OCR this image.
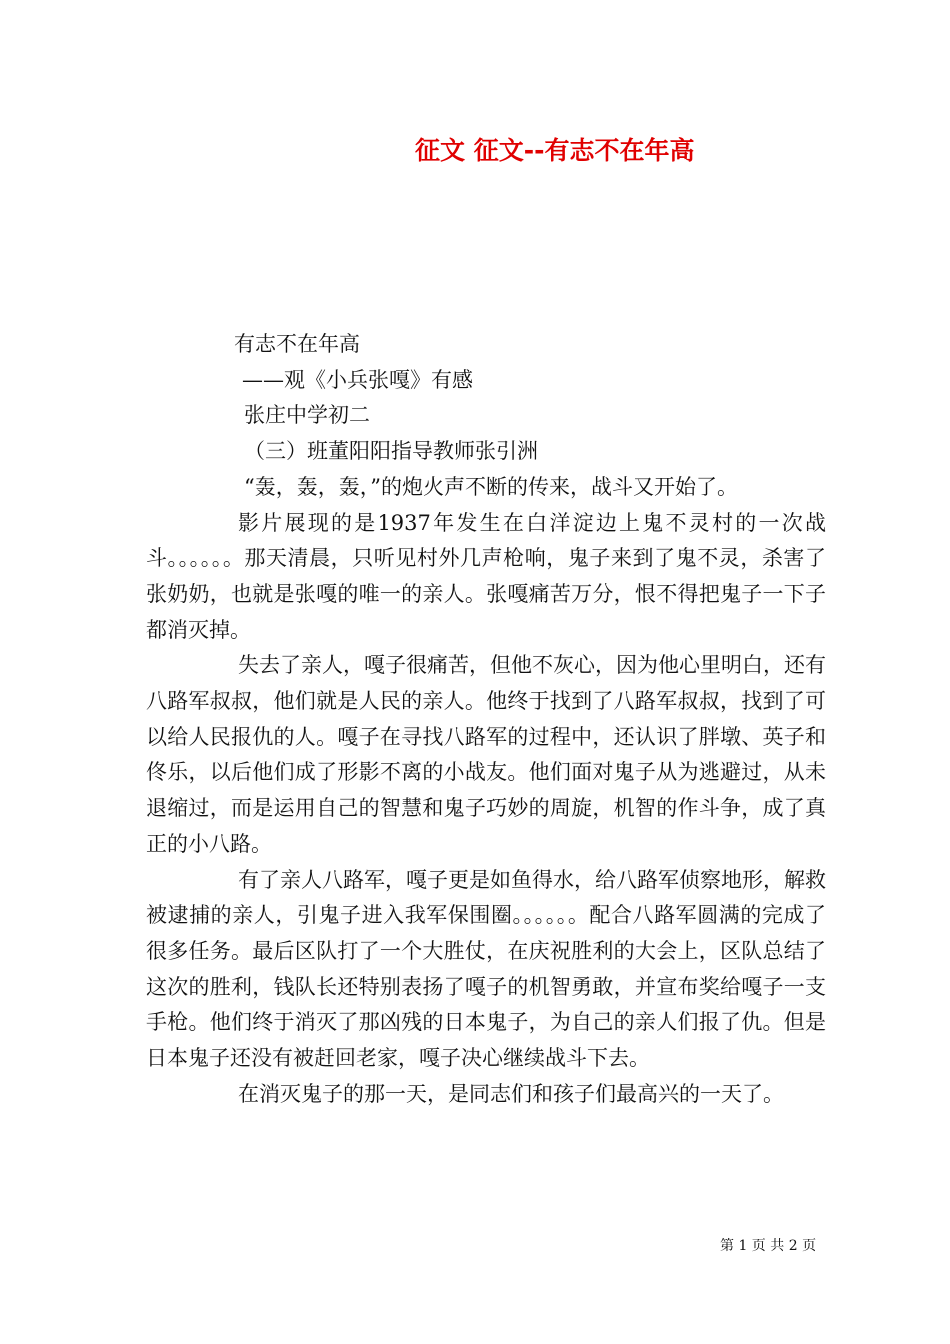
征文 征文--有志不在年高
有志不在年高
——观《小兵张嘎》有感
张庄中学初二
（三）班董阳阳指导教师张引洲
“轰，轰，轰，”的炮火声不断的传来，战斗又开始了。

影片展现的是1937年发生在白洋淀边上鬼不灵村的一次战斗。。。。。。那天清晨，只听见村外几声枪响，鬼子来到了鬼不灵，杀害了张奶奶，也就是张嘎的唯一的亲人。张嘎痛苦万分，恨不得把鬼子一下子都消灭掉。

失去了亲人，嘎子很痛苦，但他不灰心，因为他心里明白，还有八路军叔叔，他们就是人民的亲人。他终于找到了八路军叔叔，找到了可以给人民报仇的人。嘎子在寻找八路军的过程中，还认识了胖墩、英子和佟乐，以后他们成了形影不离的小战友。他们面对鬼子从为逃避过，从未退缩过，而是运用自己的智慧和鬼子巧妙的周旋，机智的作斗争，成了真正的小八路。

有了亲人八路军，嘎子更是如鱼得水，给八路军侦察地形，解救被逮捕的亲人，引鬼子进入我军保围圈。。。。。。配合八路军圆满的完成了很多任务。最后区队打了一个大胜仗，在庆祝胜利的大会上，区队总结了这次的胜利，钱队长还特别表扬了嘎子的机智勇敢，并宣布奖给嘎子一支手枪。他们终于消灭了那凶残的日本鬼子，为自己的亲人们报了仇。但是日本鬼子还没有被赶回老家，嘎子决心继续战斗下去。

在消灭鬼子的那一天，是同志们和孩子们最高兴的一天了。

第 1 页 共 2 页
